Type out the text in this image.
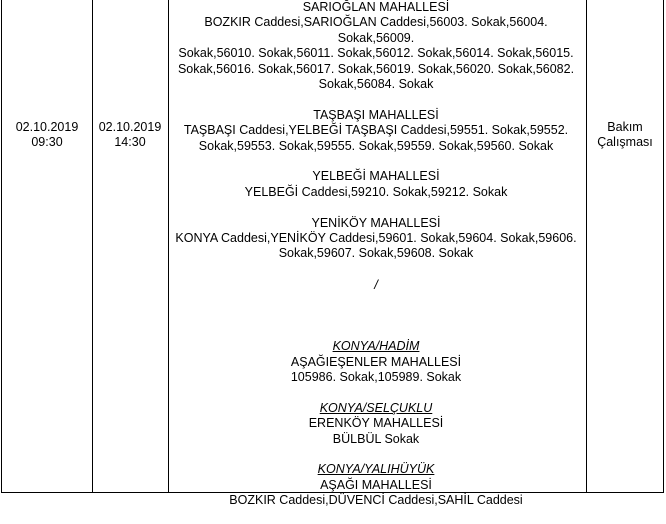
02.10.2019
09:30
02.10.2019
14:30
Bakım
Çalışması

SARIOĞLAN MAHALLESİ

BOZKIR Caddesi,SARIOĞLAN Caddesi,56003. Sokak,56004. Sokak,56009.

Sokak,56010. Sokak,56011. Sokak,56012. Sokak,56014. Sokak,56015.

Sokak,56016. Sokak,56017. Sokak,56019. Sokak,56020. Sokak,56082.

Sokak,56084. Sokak

TAŞBAŞI MAHALLESİ

TAŞBAŞI Caddesi,YELBEĞİ TAŞBAŞI Caddesi,59551. Sokak,59552.

Sokak,59553. Sokak,59555. Sokak,59559. Sokak,59560. Sokak

YELBEĞİ MAHALLESİ

YELBEĞİ Caddesi,59210. Sokak,59212. Sokak

YENİKÖY MAHALLESİ

KONYA Caddesi,YENİKÖY Caddesi,59601. Sokak,59604. Sokak,59606.

Sokak,59607. Sokak,59608. Sokak

/

KONYA/HADİM

AŞAĞIEŞENLER MAHALLESİ

105986. Sokak,105989. Sokak

KONYA/SELÇUKLU

ERENKÖY MAHALLESİ

BÜLBÜL Sokak

KONYA/YALIHÜYÜK

AŞAĞI MAHALLESİ

BOZKIR Caddesi,DÜVENCİ Caddesi,SAHİL Caddesi
